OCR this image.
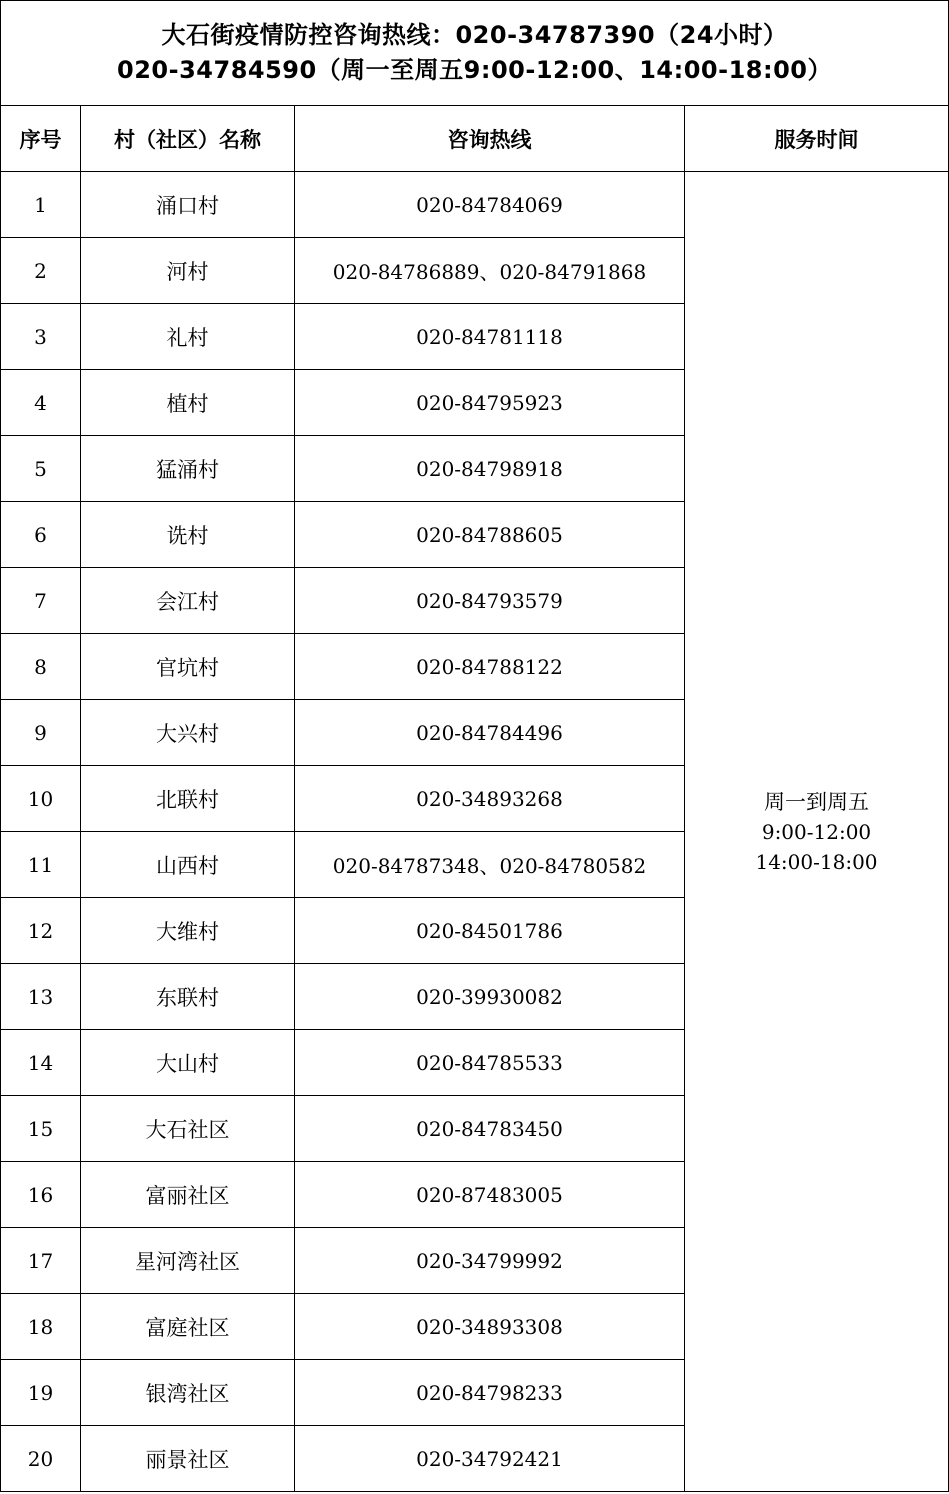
大石街疫情防控咨询热线：020-34787390（24小时）
020-34784590（周一至周五9:00-12:00、14:00-18:00）			

序号	村（社区）名称	咨询热线	服务时间
1	涌口村	020-84784069	周一到周五
9:00-12:00
14:00-18:00

2	河村	020-84786889、020-84791868	
3	礼村	020-84781118	
4	植村	020-84795923	
5	猛涌村	020-84798918	
6	诜村	020-84788605	
7	会江村	020-84793579	
8	官坑村	020-84788122	
9	大兴村	020-84784496	
10	北联村	020-34893268	
11	山西村	020-84787348、020-84780582	
12	大维村	020-84501786	
13	东联村	020-39930082	
14	大山村	020-84785533	
15	大石社区	020-84783450	
16	富丽社区	020-87483005	
17	星河湾社区	020-34799992	
18	富庭社区	020-34893308	
19	银湾社区	020-84798233	
20	丽景社区	020-34792421	
